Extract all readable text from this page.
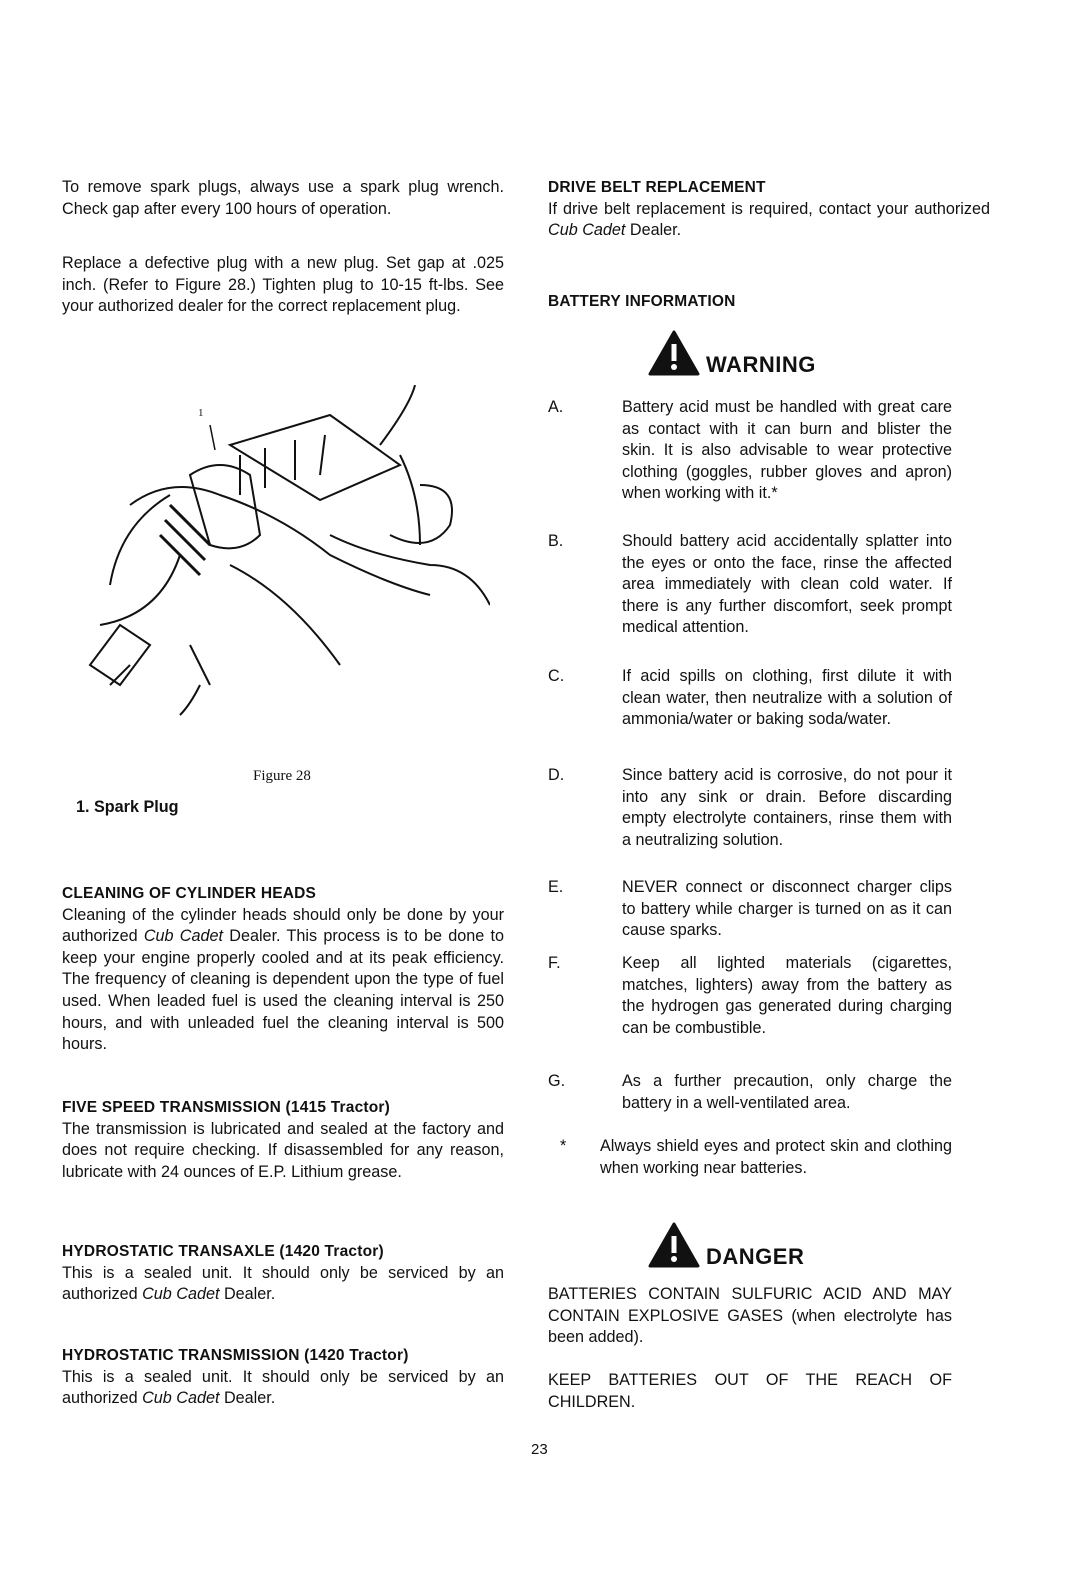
To remove spark plugs, always use a spark plug wrench. Check gap after every 100 hours of operation.

Replace a defective plug with a new plug. Set gap at .025 inch. (Refer to Figure 28.) Tighten plug to 10-15 ft-lbs. See your authorized dealer for the correct replacement plug.

1
Figure 28
1. Spark Plug
CLEANING OF CYLINDER HEADS

Cleaning of the cylinder heads should only be done by your authorized Cub Cadet Dealer. This process is to be done to keep your engine properly cooled and at its peak efficiency. The frequency of cleaning is dependent upon the type of fuel used. When leaded fuel is used the cleaning interval is 250 hours, and with unleaded fuel the cleaning interval is 500 hours.

FIVE SPEED TRANSMISSION (1415 Tractor)

The transmission is lubricated and sealed at the factory and does not require checking. If disassembled for any reason, lubricate with 24 ounces of E.P. Lithium grease.

HYDROSTATIC TRANSAXLE (1420 Tractor)

This is a sealed unit. It should only be serviced by an authorized Cub Cadet Dealer.

HYDROSTATIC TRANSMISSION (1420 Tractor)

This is a sealed unit. It should only be serviced by an authorized Cub Cadet Dealer.

DRIVE BELT REPLACEMENT

If drive belt replacement is required, contact your authorized Cub Cadet Dealer.

BATTERY INFORMATION
WARNING
A.	Battery acid must be handled with great care as contact with it can burn and blister the skin. It is also advisable to wear protective clothing (goggles, rubber gloves and apron) when working with it.*

B.	Should battery acid accidentally splatter into the eyes or onto the face, rinse the affected area immediately with clean cold water. If there is any further discomfort, seek prompt medical attention.

C.	If acid spills on clothing, first dilute it with clean water, then neutralize with a solution of ammonia/water or baking soda/water.

D.	Since battery acid is corrosive, do not pour it into any sink or drain. Before discarding empty electrolyte containers, rinse them with a neutralizing solution.

E.	NEVER connect or disconnect charger clips to battery while charger is turned on as it can cause sparks.

F.	Keep all lighted materials (cigarettes, matches, lighters) away from the battery as the hydrogen gas generated during charging can be combustible.

G.	As a further precaution, only charge the battery in a well-ventilated area.

* Always shield eyes and protect skin and clothing when working near batteries.

DANGER

BATTERIES CONTAIN SULFURIC ACID AND MAY CONTAIN EXPLOSIVE GASES (when electrolyte has been added).

KEEP BATTERIES OUT OF THE REACH OF CHILDREN.

23
